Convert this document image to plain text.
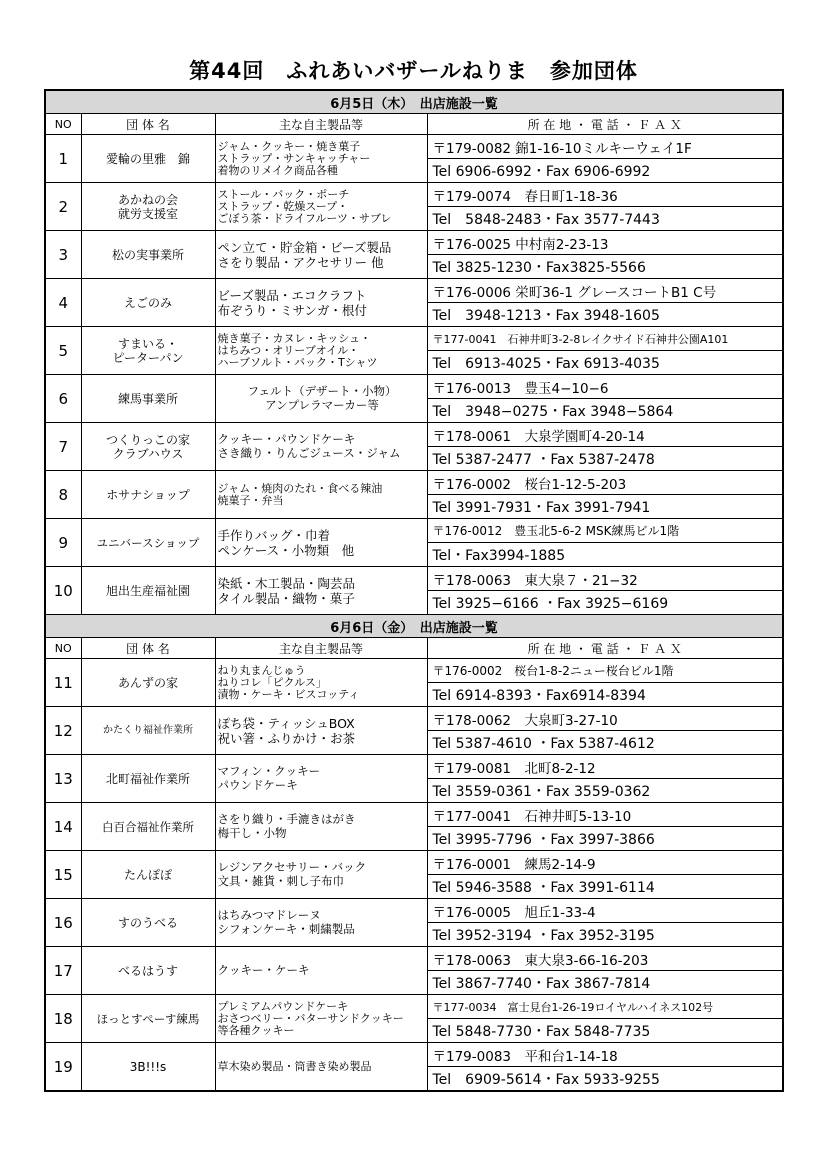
第44回　ふれあいバザールねりま　参加団体
6月5日（木）　出店施設一覧			
NO	団 体 名	主な自主製品等	所 在 地 ・ 電 話 ・ Ｆ Ａ Ｘ
1	愛輪の里雅　錦	ジャム・クッキー・焼き菓子
ストラップ・サンキャッチャー
着物のリメイク商品各種	〒179-0082 錦1-16-10ミルキーウェイ1F
			Tel 6906-6992・Fax 6906-6992
2	あかねの会
就労支援室	ストール・バック・ポーチ
ストラップ・乾燥スープ・
ごぼう茶・ドライフルーツ・サブレ	〒179-0074　春日町1-18-36
			Tel　5848-2483・Fax 3577-7443
3	松の実事業所	ペン立て・貯金箱・ビーズ製品
さをり製品・アクセサリー 他	〒176-0025 中村南2-23-13
			Tel 3825-1230・Fax3825-5566
4	えごのみ	ビーズ製品・エコクラフト
布ぞうり・ミサンガ・根付	〒176-0006 栄町36-1 グレースコートB1 C号
			Tel　3948-1213・Fax 3948-1605
5	すまいる・
ピーターパン	焼き菓子・カヌレ・キッシュ・
はちみつ・オリーブオイル・
ハーブソルト・バック・Tシャツ	〒177-0041　石神井町3-2-8レイクサイド石神井公園A101
			Tel　6913-4025・Fax 6913-4035
6	練馬事業所	フェルト（デザート・小物）
アンプレラマーカー等	〒176-0013　豊玉4−10−6
			Tel　3948−0275・Fax 3948−5864
7	つくりっこの家
クラブハウス	クッキー・パウンドケーキ
さき織り・りんごジュース・ジャム	〒178-0061　大泉学園町4-20-14
			Tel 5387-2477 ・Fax 5387-2478
8	ホサナショップ	ジャム・焼肉のたれ・食べる辣油
焼菓子・弁当	〒176-0002　桜台1-12-5-203
			Tel 3991-7931・Fax 3991-7941
9	ユニバースショップ	手作りバッグ・巾着
ペンケース・小物類　他	〒176-0012　豊玉北5-6-2 MSK練馬ビル1階
			Tel・Fax3994-1885
10	旭出生産福祉園	染紙・木工製品・陶芸品
タイル製品・織物・菓子	〒178-0063　東大泉７・21−32
			Tel 3925−6166 ・Fax 3925−6169
6月6日（金）　出店施設一覧			
NO	団 体 名	主な自主製品等	所 在 地 ・ 電 話 ・ Ｆ Ａ Ｘ
11	あんずの家	ねり丸まんじゅう
ねりコレ「ピクルス」
漬物・ケーキ・ビスコッティ	〒176-0002　桜台1-8-2ニュー桜台ビル1階
			Tel 6914-8393・Fax6914-8394
12	かたくり福祉作業所	ぽち袋・ティッシュBOX
祝い箸・ふりかけ・お茶	〒178-0062　大泉町3-27-10
			Tel 5387-4610 ・Fax 5387-4612
13	北町福祉作業所	マフィン・クッキー
パウンドケーキ	〒179-0081　北町8-2-12
			Tel 3559-0361・Fax 3559-0362
14	白百合福祉作業所	さをり織り・手漉きはがき
梅干し・小物	〒177-0041　石神井町5-13-10
			Tel 3995-7796 ・Fax 3997-3866
15	たんぽぽ	レジンアクセサリー・バック
文具・雑貨・刺し子布巾	〒176-0001　練馬2-14-9
			Tel 5946-3588 ・Fax 3991-6114
16	すのうべる	はちみつマドレーヌ
シフォンケーキ・刺繍製品	〒176-0005　旭丘1-33-4
			Tel 3952-3194 ・Fax 3952-3195
17	べるはうす	クッキー・ケーキ	〒178-0063　東大泉3-66-16-203
			Tel 3867-7740・Fax 3867-7814
18	ほっとすぺーす練馬	プレミアムパウンドケーキ
おさつベリー・バターサンドクッキー
等各種クッキー	〒177-0034　富士見台1-26-19ロイヤルハイネス102号
			Tel 5848-7730・Fax 5848-7735
19	3B!!!s	草木染め製品・筒書き染め製品	〒179-0083　平和台1-14-18
			Tel　6909-5614・Fax 5933-9255
